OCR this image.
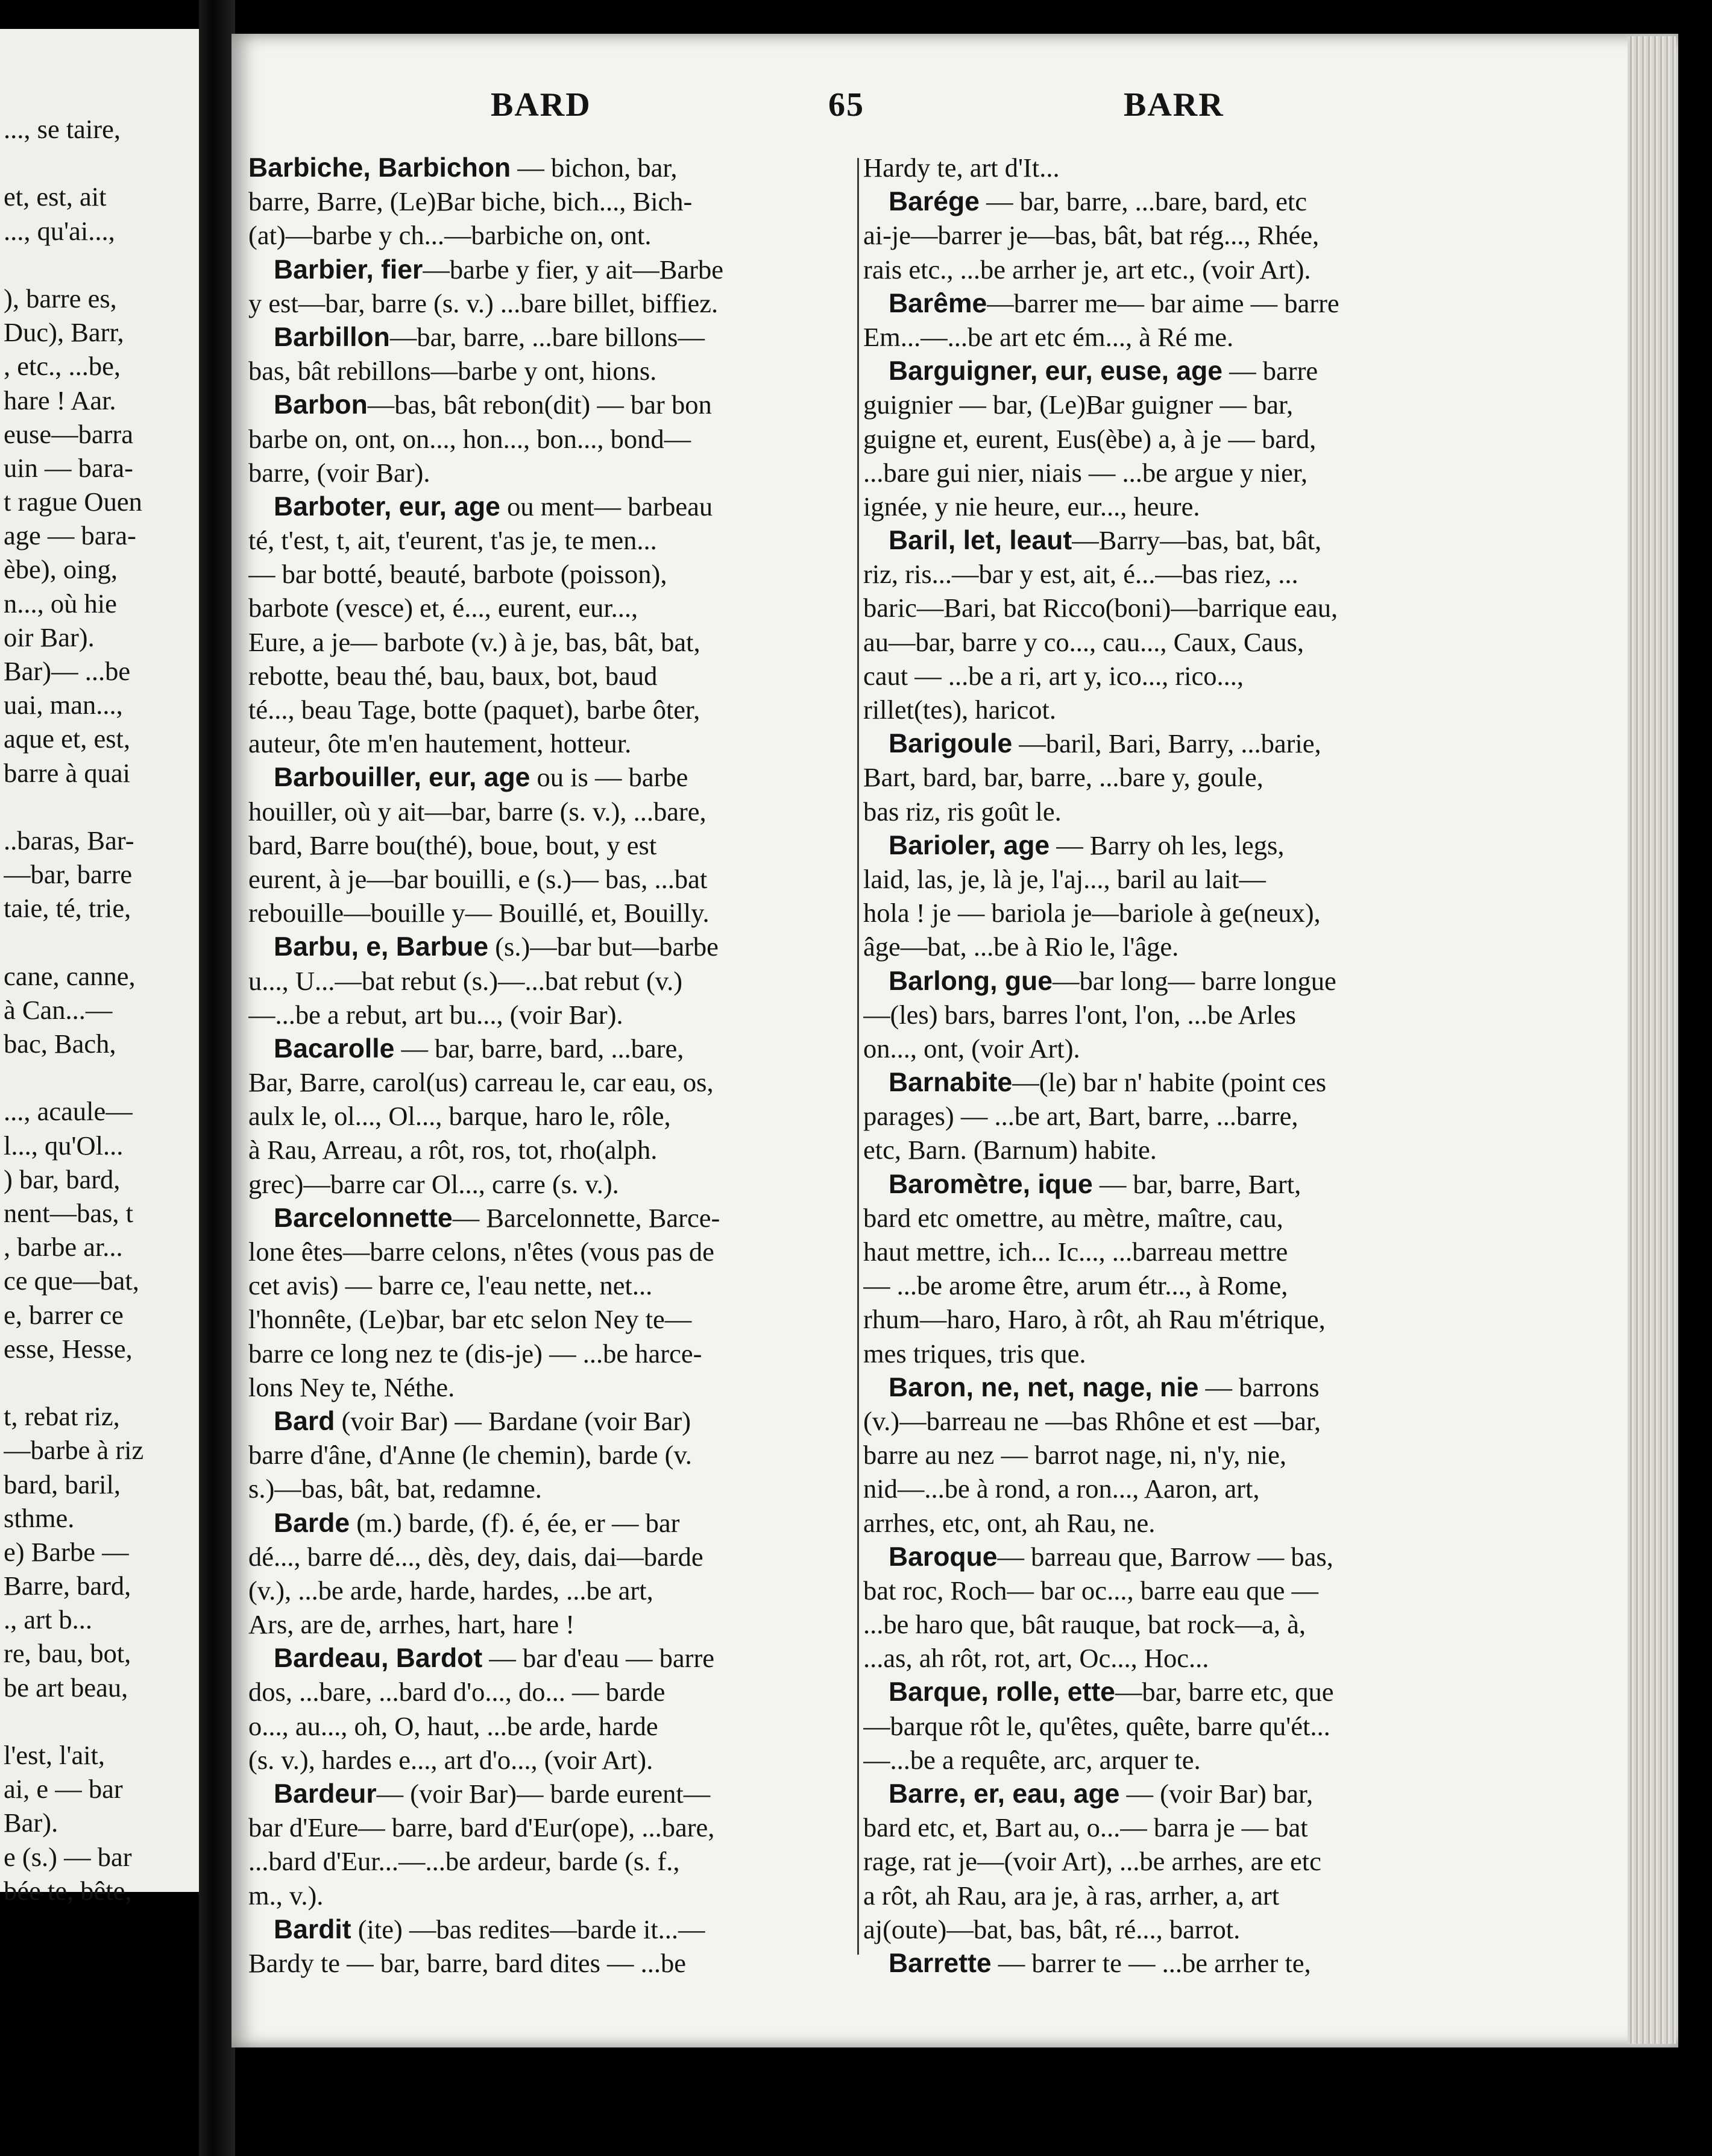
BARD	65	BARR
..., se taire,
et, est, ait
..., qu'ai...,
), barre es,
Duc), Barr,
, etc., ...be,
hare ! Aar.
euse—barra
uin — bara-
t rague Ouen
age — bara-
èbe), oing,
n..., où hie
oir Bar).
Bar)— ...be
uai, man...,
aque et, est,
barre à quai
..baras, Bar-
—bar, barre
taie, té, trie,
cane, canne,
à Can...—
bac, Bach,
..., acaule—
l..., qu'Ol...
) bar, bard,
nent—bas, t
, barbe ar...
ce que—bat,
e, barrer ce
esse, Hesse,
t, rebat riz,
—barbe à riz
bard, baril,
sthme.
e) Barbe —
Barre, bard,
., art b...
re, bau, bot,
be art beau,
l'est, l'ait,
ai, e — bar
Bar).
e (s.) — bar
bée te, bête,
Barbiche, Barbichon — bichon, bar,
barre, Barre, (Le)Bar biche, bich..., Bich-
(at)—barbe y ch...—barbiche on, ont.
Barbier, fier—barbe y fier, y ait—Barbe
y est—bar, barre (s. v.) ...bare billet, biffiez.
Barbillon—bar, barre, ...bare billons—
bas, bât rebillons—barbe y ont, hions.
Barbon—bas, bât rebon(dit) — bar bon
barbe on, ont, on..., hon..., bon..., bond—
barre, (voir Bar).
Barboter, eur, age ou ment— barbeau
té, t'est, t, ait, t'eurent, t'as je, te men...
— bar botté, beauté, barbote (poisson),
barbote (vesce) et, é..., eurent, eur...,
Eure, a je— barbote (v.) à je, bas, bât, bat,
rebotte, beau thé, bau, baux, bot, baud
té..., beau Tage, botte (paquet), barbe ôter,
auteur, ôte m'en hautement, hotteur.
Barbouiller, eur, age ou is — barbe
houiller, où y ait—bar, barre (s. v.), ...bare,
bard, Barre bou(thé), boue, bout, y est
eurent, à je—bar bouilli, e (s.)— bas, ...bat
rebouille—bouille y— Bouillé, et, Bouilly.
Barbu, e, Barbue (s.)—bar but—barbe
u..., U...—bat rebut (s.)—...bat rebut (v.)
—...be a rebut, art bu..., (voir Bar).
Bacarolle — bar, barre, bard, ...bare,
Bar, Barre, carol(us) carreau le, car eau, os,
aulx le, ol..., Ol..., barque, haro le, rôle,
à Rau, Arreau, a rôt, ros, tot, rho(alph.
grec)—barre car Ol..., carre (s. v.).
Barcelonnette— Barcelonnette, Barce-
lone êtes—barre celons, n'êtes (vous pas de
cet avis) — barre ce, l'eau nette, net...
l'honnête, (Le)bar, bar etc selon Ney te—
barre ce long nez te (dis-je) — ...be harce-
lons Ney te, Néthe.
Bard (voir Bar) — Bardane (voir Bar)
barre d'âne, d'Anne (le chemin), barde (v.
s.)—bas, bât, bat, redamne.
Barde (m.) barde, (f). é, ée, er — bar
dé..., barre dé..., dès, dey, dais, dai—barde
(v.), ...be arde, harde, hardes, ...be art,
Ars, are de, arrhes, hart, hare !
Bardeau, Bardot — bar d'eau — barre
dos, ...bare, ...bard d'o..., do... — barde
o..., au..., oh, O, haut, ...be arde, harde
(s. v.), hardes e..., art d'o..., (voir Art).
Bardeur— (voir Bar)— barde eurent—
bar d'Eure— barre, bard d'Eur(ope), ...bare,
...bard d'Eur...—...be ardeur, barde (s. f.,
m., v.).
Bardit (ite) —bas redites—barde it...—
Bardy te — bar, barre, bard dites — ...be
Hardy te, art d'It...
Barége — bar, barre, ...bare, bard, etc
ai-je—barrer je—bas, bât, bat rég..., Rhée,
rais etc., ...be arrher je, art etc., (voir Art).
Barême—barrer me— bar aime — barre
Em...—...be art etc ém..., à Ré me.
Barguigner, eur, euse, age — barre
guignier — bar, (Le)Bar guigner — bar,
guigne et, eurent, Eus(èbe) a, à je — bard,
...bare gui nier, niais — ...be argue y nier,
ignée, y nie heure, eur..., heure.
Baril, let, leaut—Barry—bas, bat, bât,
riz, ris...—bar y est, ait, é...—bas riez, ...
baric—Bari, bat Ricco(boni)—barrique eau,
au—bar, barre y co..., cau..., Caux, Caus,
caut — ...be a ri, art y, ico..., rico...,
rillet(tes), haricot.
Barigoule —baril, Bari, Barry, ...barie,
Bart, bard, bar, barre, ...bare y, goule,
bas riz, ris goût le.
Barioler, age — Barry oh les, legs,
laid, las, je, là je, l'aj..., baril au lait—
hola ! je — bariola je—bariole à ge(neux),
âge—bat, ...be à Rio le, l'âge.
Barlong, gue—bar long— barre longue
—(les) bars, barres l'ont, l'on, ...be Arles
on..., ont, (voir Art).
Barnabite—(le) bar n' habite (point ces
parages) — ...be art, Bart, barre, ...barre,
etc, Barn. (Barnum) habite.
Baromètre, ique — bar, barre, Bart,
bard etc omettre, au mètre, maître, cau,
haut mettre, ich... Ic..., ...barreau mettre
— ...be arome être, arum étr..., à Rome,
rhum—haro, Haro, à rôt, ah Rau m'étrique,
mes triques, tris que.
Baron, ne, net, nage, nie — barrons
(v.)—barreau ne —bas Rhône et est —bar,
barre au nez — barrot nage, ni, n'y, nie,
nid—...be à rond, a ron..., Aaron, art,
arrhes, etc, ont, ah Rau, ne.
Baroque— barreau que, Barrow — bas,
bat roc, Roch— bar oc..., barre eau que —
...be haro que, bât rauque, bat rock—a, à,
...as, ah rôt, rot, art, Oc..., Hoc...
Barque, rolle, ette—bar, barre etc, que
—barque rôt le, qu'êtes, quête, barre qu'ét...
—...be a requête, arc, arquer te.
Barre, er, eau, age — (voir Bar) bar,
bard etc, et, Bart au, o...— barra je — bat
rage, rat je—(voir Art), ...be arrhes, are etc
a rôt, ah Rau, ara je, à ras, arrher, a, art
aj(oute)—bat, bas, bât, ré..., barrot.
Barrette — barrer te — ...be arrher te,
